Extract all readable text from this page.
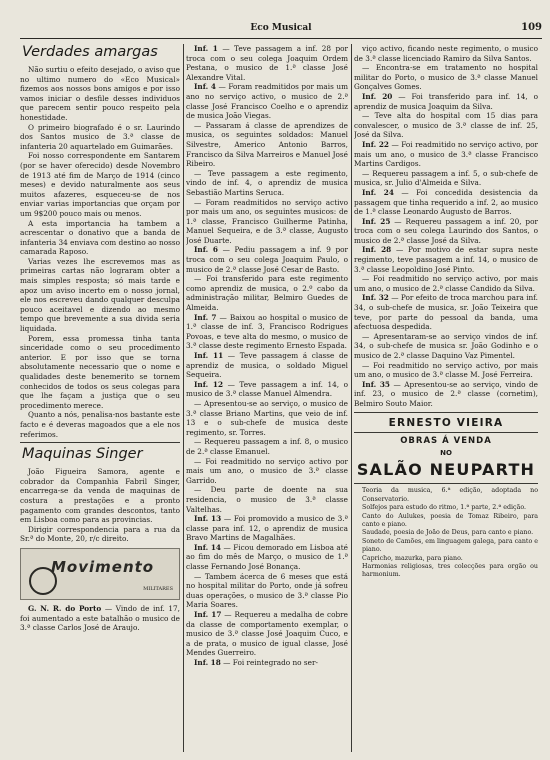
Eco Musical	109
Verdades amargas

Não surtiu o efeito desejado, o aviso que no ultimo numero do «Eco Musical» fizemos aos nossos bons amigos e por isso vamos iniciar o desfile desses individuos que parecem sentir pouco respeito pela honestidade.

O primeiro biografado é o sr. Laurindo dos Santos musico de 3.ª classe de infanteria 20 aquartelado em Guimarães.

Foi nosso correspondente em Santarem (por se haver oferecido) desde Novembro de 1913 até fim de Março de 1914 (cinco meses) e devido naturalmente aos seus muitos afazeres, esqueceu-se de nos enviar varias importancias que orçam por um 9$200 pouco mais ou menos.

A esta importancia ha tambem a acrescentar o donativo que a banda de infanteria 34 enviava com destino ao nosso camarada Raposo.

Varias vezes lhe escrevemos mas as primeiras cartas não lograram obter a mais simples resposta; só mais tarde e apoz um aviso incerto em o nosso jornal, ele nos escreveu dando qualquer desculpa pouco aceitavel e dizendo ao mesmo tempo que brevemente a sua divida seria liquidada.

Porem, essa promessa tinha tanta sinceridade como o seu procedimento anterior. E por isso que se torna absolutamente necessario que o nome e qualidades deste benemerito se tornem conhecidos de todos os seus colegas para que lhe façam a justiça que o seu procedimento merece.

Quanto a nós, penalisa-nos bastante este facto e é deveras magoados que a ele nos referimos.

Maquinas Singer

João Figueira Samora, agente e cobrador da Companhia Fabril Singer, encarrega-se da venda de maquinas de costura a prestações e a pronto pagamento com grandes descontos, tanto em Lisboa como para as provincias.

Dirigir correspondencia para a rua da Sr.ª do Monte, 20, r/c direito.

Movimento
MILITARES

G. N. R. do Porto — Vindo de inf. 17, foi aumentado a este batalhão o musico de 3.ª classe Carlos José de Araujo.

Inf. 1 — Teve passagem a inf. 28 por troca com o seu colega Joaquim Ordem Pestana, o musico de 1.ª classe José Alexandre Vital.

Inf. 4 — Foram readmitidos por mais um ano no serviço activo, o musico de 2.ª classe José Francisco Coelho e o aprendiz de musica João Viegas.

— Passaram á classe de aprendizes de musica, os seguintes soldados: Manuel Silvestre, Americo Antonio Barros, Francisco da Silva Marreiros e Manuel José Ribeiro.

— Teve passagem a este regimento, vindo de inf. 4, o aprendiz de musica Sebastião Martins Seruca.

— Foram readmitidos no serviço activo por mais um ano, os seguintes musicos: de 1.ª classe, Francisco Guilherme Patinha, Manuel Sequeira, e de 3.ª classe, Augusto José Duarte.

Inf. 6 — Pediu passagem a inf. 9 por troca com o seu colega Joaquim Paulo, o musico de 2.ª classe José Cesar de Basto.

— Foi transferido para este regimento como aprendiz de musica, o 2.º cabo da administração militar, Belmiro Guedes de Almeida.

Inf. 7 — Baixou ao hospital o musico de 1.ª classe de inf. 3, Francisco Rodrigues Povoas, e teve alta do mesmo, o musico de 3.ª classe deste regimento Ernesto Espada.

Inf. 11 — Teve passagem á classe de aprendiz de musica, o soldado Miguel Sequeira.

Inf. 12 — Teve passagem a inf. 14, o musico de 3.ª classe Manuel Almendra.

— Apresentou-se ao serviço, o musico de 3.ª classe Briano Martins, que veio de inf. 13 e o sub-chefe de musica deste regimento, sr. Torres.

— Requereu passagem a inf. 8, o musico de 2.ª classe Emanuel.

— Foi readmitido no serviço activo por mais um ano, o musico de 3.ª classe Garrido.

— Deu parte de doente na sua residencia, o musico de 3.ª classe Valtelhas.

Inf. 13 — Foi promovido a musico de 3.ª classe para inf. 12, o aprendiz de musica Bravo Martins de Magalhães.

Inf. 14 — Ficou demorado em Lisboa até ao fim do mês de Março, o musico de 1.ª classe Fernando José Bonança.

— Tambem ácerca de 6 meses que está no hospital militar do Porto, onde já sofreu duas operações, o musico de 3.ª classe Pio Maria Soares.

Inf. 17 — Requereu a medalha de cobre da classe de comportamento exemplar, o musico de 3.ª classe José Joaquim Cuco, e a de prata, o musico de igual classe, José Mendes Guerreiro.

Inf. 18 — Foi reintegrado no ser-

viço activo, ficando neste regimento, o musico de 3.ª classe licenciado Ramiro da Silva Santos.

— Encontra-se em tratamento no hospital militar do Porto, o musico de 3.ª classe Manuel Gonçalves Gomes.

Inf. 20 — Foi transferido para inf. 14, o aprendiz de musica Joaquim da Silva.

— Teve alta do hospital com 15 dias para convalescer, o musico de 3.ª classe de inf. 25, José da Silva.

Inf. 22 — Foi readmitido no serviço activo, por mais um ano, o musico de 3.ª classe Francisco Martins Cardigos.

— Requereu passagem a inf. 5, o sub-chefe de musica, sr. Julio d'Almeida e Silva.

Inf. 24 — Foi concedida desistencia da passagem que tinha requerido a inf. 2, ao musico de 1.ª classe Leonardo Augusto de Barros.

Inf. 25 — Requereu passagem a inf. 20, por troca com o seu colega Laurindo dos Santos, o musico de 2.ª classe José da Silva.

Inf. 28 — Por motivo de estar supra neste regimento, teve passagem a inf. 14, o musico de 3.ª classe Leopoldino José Pinto.

— Foi readmitido no serviço activo, por mais um ano, o musico de 2.ª classe Candido da Silva.

Inf. 32 — Por efeito de troca marchou para inf. 34, o sub-chefe de musica, sr. João Teixeira que teve, por parte do pessoal da banda, uma afectuosa despedida.

— Apresentaram-se ao serviço vindos de inf. 34, o sub-chefe de musica sr. João Godinho e o musico de 2.ª classe Daquino Vaz Pimentel.

— Foi readmitido no serviço activo, por mais um ano, o musico de 3.ª classe M. José Ferreira.

Inf. 35 — Apresentou-se ao serviço, vindo de inf. 23, o musico de 2.ª classe (cornetim), Belmiro Souto Maior.

ERNESTO VIEIRA
OBRAS Á VENDA
NO
SALÃO NEUPARTH

Teoria da musica, 6.ª edição, adoptada no Conservatorio.

Solfejos para estudo do ritmo, 1.ª parte, 2.ª edição.

Canto do Aulukes, poesia de Tomaz Ribeiro, para canto e piano.

Saudade, poesia de João de Deus, para canto e piano.

Soneto de Camões, em linguagem galega, para canto e piano.

Capricho, mazurka, para piano.

Harmonias religiosas, tres colecções para orgão ou harmonium.
